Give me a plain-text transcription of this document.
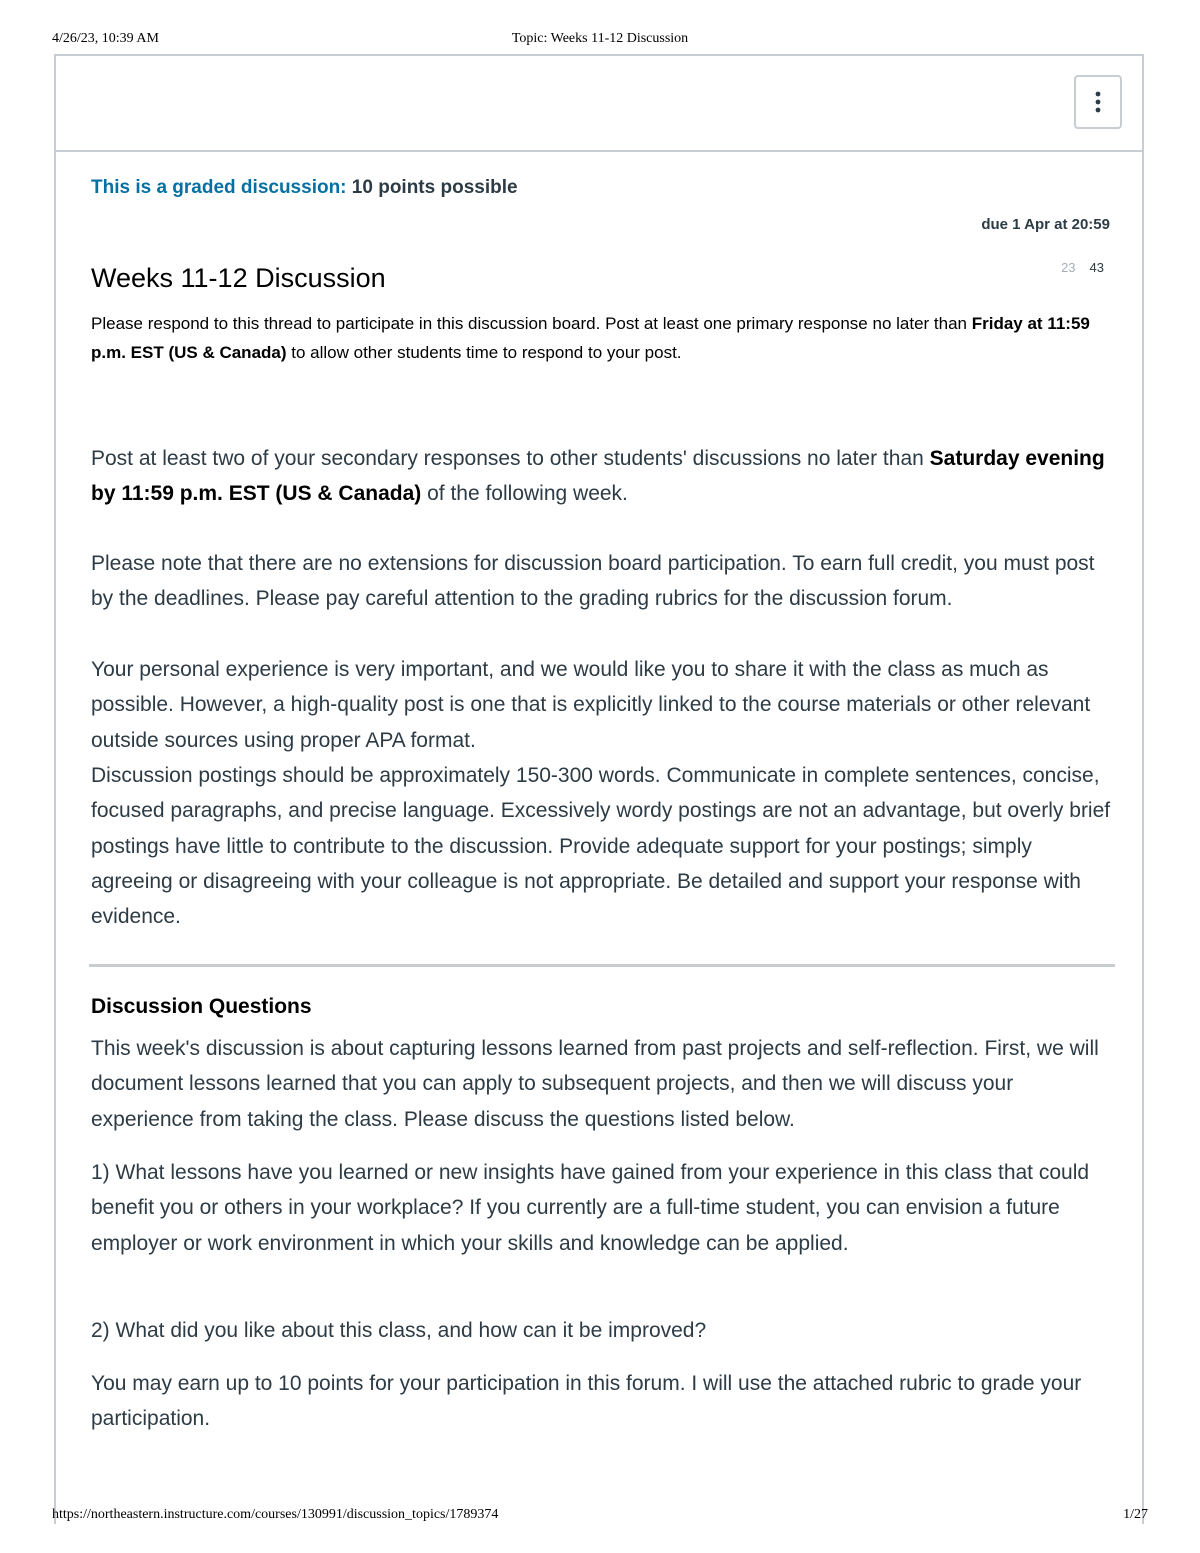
4/26/23, 10:39 AM	Topic: Weeks 11-12 Discussion
This is a graded discussion: 10 points possible
due 1 Apr at 20:59
23 43
Weeks 11-12 Discussion

Please respond to this thread to participate in this discussion board. Post at least one primary response no later than Friday at 11:59 p.m. EST (US & Canada) to allow other students time to respond to your post.

Post at least two of your secondary responses to other students' discussions no later than Saturday evening by 11:59 p.m. EST (US & Canada) of the following week.

Please note that there are no extensions for discussion board participation. To earn full credit, you must post by the deadlines. Please pay careful attention to the grading rubrics for the discussion forum.

Your personal experience is very important, and we would like you to share it with the class as much as possible. However, a high-quality post is one that is explicitly linked to the course materials or other relevant outside sources using proper APA format.

Discussion postings should be approximately 150-300 words. Communicate in complete sentences, concise, focused paragraphs, and precise language. Excessively wordy postings are not an advantage, but overly brief postings have little to contribute to the discussion. Provide adequate support for your postings; simply agreeing or disagreeing with your colleague is not appropriate. Be detailed and support your response with evidence.

Discussion Questions

This week's discussion is about capturing lessons learned from past projects and self-reflection. First, we will document lessons learned that you can apply to subsequent projects, and then we will discuss your experience from taking the class. Please discuss the questions listed below.

1) What lessons have you learned or new insights have gained from your experience in this class that could benefit you or others in your workplace? If you currently are a full-time student, you can envision a future employer or work environment in which your skills and knowledge can be applied.

2) What did you like about this class, and how can it be improved?

You may earn up to 10 points for your participation in this forum. I will use the attached rubric to grade your participation.

https://northeastern.instructure.com/courses/130991/discussion_topics/1789374	1/27
